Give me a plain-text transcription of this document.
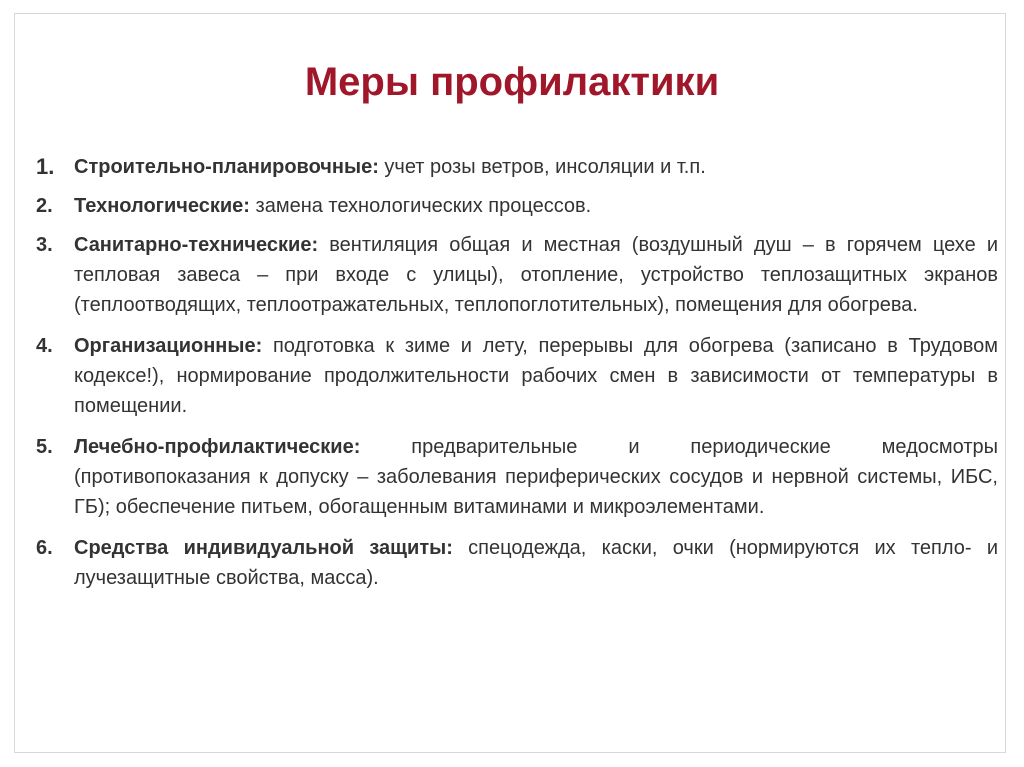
Меры профилактики
1. Строительно-планировочные: учет розы ветров, инсоляции и т.п.
2. Технологические: замена технологических процессов.
3. Санитарно-технические: вентиляция общая и местная (воздушный душ – в горячем цехе и тепловая завеса – при входе с улицы), отопление, устройство теплозащитных экранов (теплоотводящих, теплоотражательных, теплопоглотительных), помещения для обогрева.
4. Организационные: подготовка к зиме и лету, перерывы для обогрева (записано в Трудовом кодексе!), нормирование продолжительности рабочих смен в зависимости от температуры в помещении.
5. Лечебно-профилактические: предварительные и периодические медосмотры (противопоказания к допуску – заболевания периферических сосудов и нервной системы, ИБС, ГБ); обеспечение питьем, обогащенным витаминами и микроэлементами.
6. Средства индивидуальной защиты: спецодежда, каски, очки (нормируются их тепло- и лучезащитные свойства, масса).
